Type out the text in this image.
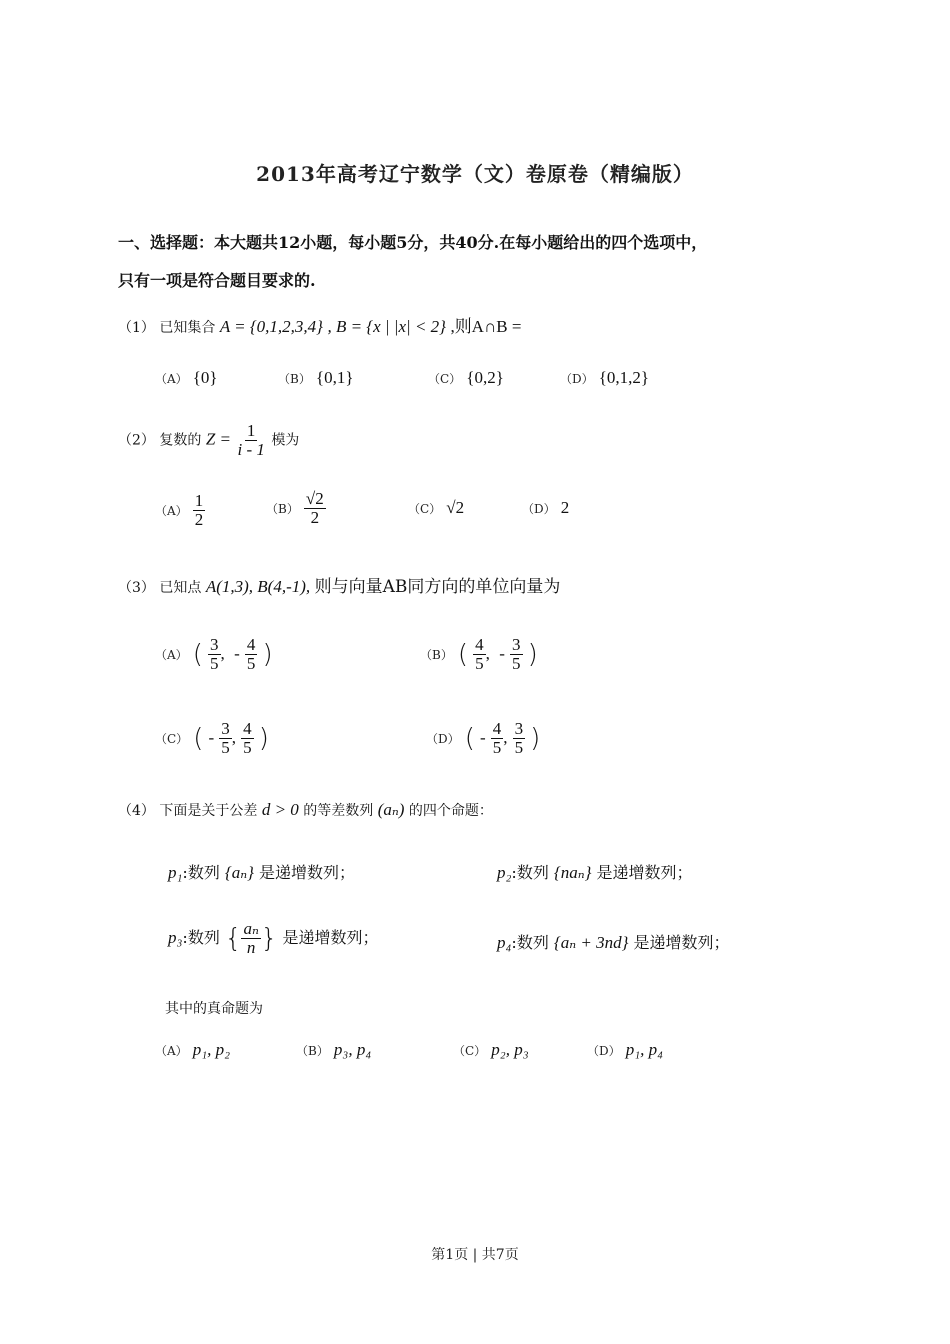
2013年高考辽宁数学（文）卷原卷（精编版）
一、选择题：本大题共12小题，每小题5分，共40分.在每小题给出的四个选项中，
只有一项是符合题目要求的.
（1） 已知集合 A = {0,1,2,3,4} , B = {x | |x| < 2} ,则A∩B =
（A） {0}	（B） {0,1}	（C） {0,2}	（D） {0,1,2}
（2） 复数的 $Z = \frac{1}{i - 1}$ 模为
$(A) \frac{1}{2}$	$(B) \frac{√2}{2}$	（C） √2	（D） 2
（3） 已知点 A(1,3), B(4,-1), 则与向量AB同方向的单位向量为
（A） ( $\frac{3}{5}$ ,  - $\frac{4}{5}$ )	（B） ( $\frac{4}{5}$ ,  - $\frac{3}{5}$ )
（C） ( - $\frac{3}{5}$ , $\frac{4}{5}$ )	（D） ( - $\frac{4}{5}$ , $\frac{3}{5}$ )
（4） 下面是关于公差 d > 0 的等差数列 (aₙ) 的四个命题：
p₁:数列 {aₙ} 是递增数列；	p₂:数列 {naₙ} 是递增数列；
p₃:数列 { $\frac{\text{aₙ}}{n}$ } 是递增数列；	p₄:数列 {aₙ + 3nd} 是递增数列；
其中的真命题为
（A） p₁, p₂	（B） p₃, p₄	（C） p₂, p₃	（D） p₁, p₄
第1页 | 共7页
